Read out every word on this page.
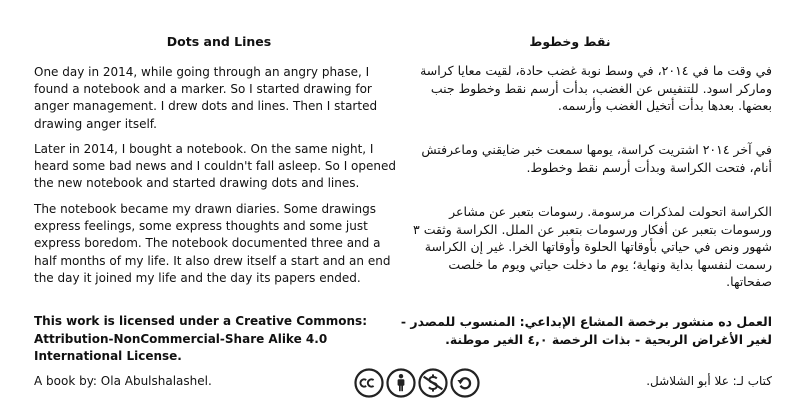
Dots and Lines

One day in 2014, while going through an angry phase, I found a notebook and a marker. So I started drawing for anger management. I drew dots and lines. Then I started drawing anger itself.

Later in 2014, I bought a notebook. On the same night, I heard some bad news and I couldn't fall asleep. So I opened the new notebook and started drawing dots and lines.

The notebook became my drawn diaries. Some drawings express feelings, some express thoughts and some just express boredom. The notebook documented three and a half months of my life. It also drew itself a start and an end the day it joined my life and the day its papers ended.

This work is licensed under a Creative Commons: Attribution-NonCommercial-Share Alike 4.0 International License.

A book by: Ola Abulshalashel.

نقط وخطوط

في وقت ما في ٢٠١٤، في وسط نوبة غضب حادة، لقيت معايا كراسة وماركر اسود. للتنفيس عن الغضب، بدأت أرسم نقط وخطوط جنب بعضها. بعدها بدأت أتخيل الغضب وأرسمه.

في آخر ٢٠١٤ اشتريت كراسة، يومها سمعت خبر ضايقني وماعرفتش أنام، فتحت الكراسة وبدأت أرسم نقط وخطوط.

الكراسة اتحولت لمذكرات مرسومة. رسومات بتعبر عن مشاعر ورسومات بتعبر عن أفكار ورسومات بتعبر عن الملل. الكراسة وثقت ٣ شهور ونص في حياتي بأوقاتها الحلوة وأوقاتها الخرا. غير إن الكراسة رسمت لنفسها بداية ونهاية؛ يوم ما دخلت حياتي ويوم ما خلصت صفحاتها.

العمل ده منشور برخصة المشاع الإبداعي: المنسوب للمصدر - لغير الأغراض الربحية - بذات الرخصة ٤,٠ الغير موطنة.

كتاب لـ: علا أبو الشلاشل.
